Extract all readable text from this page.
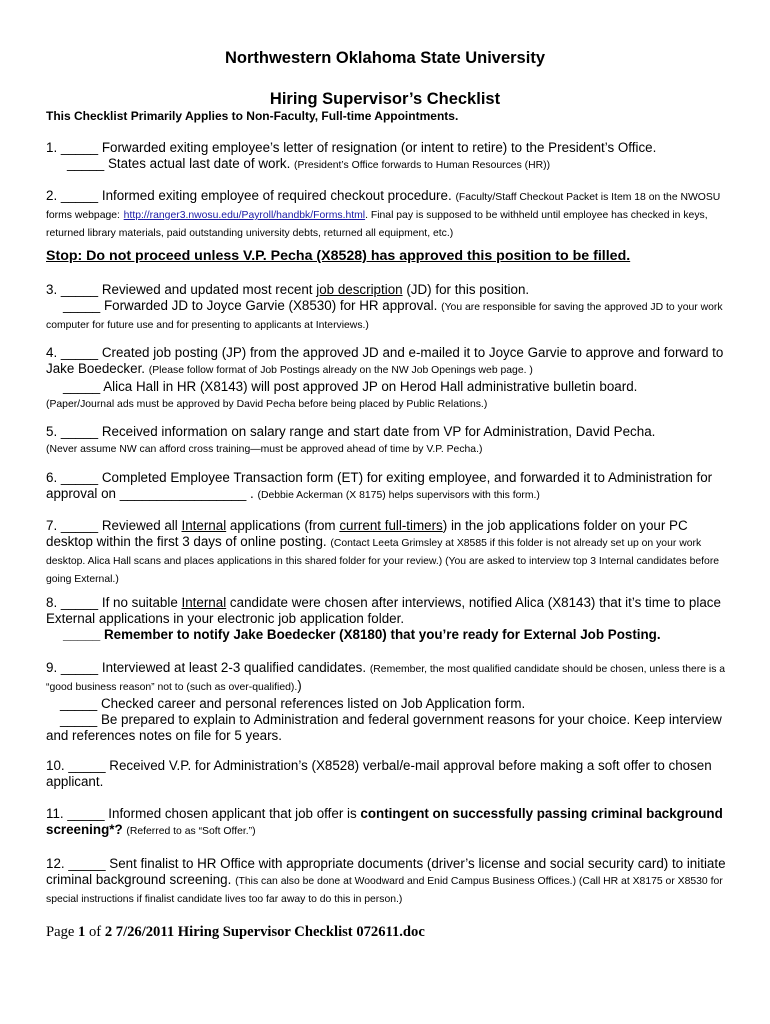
Northwestern Oklahoma State University
Hiring Supervisor’s Checklist

This Checklist Primarily Applies to Non-Faculty, Full-time Appointments.

1. _____ Forwarded exiting employee’s letter of resignation (or intent to retire) to the President’s Office.
_____ States actual last date of work. (President’s Office forwards to Human Resources (HR))

2. _____ Informed exiting employee of required checkout procedure. (Faculty/Staff Checkout Packet is Item 18 on the NWOSU forms webpage: http://ranger3.nwosu.edu/Payroll/handbk/Forms.html. Final pay is supposed to be withheld until employee has checked in keys, returned library materials, paid outstanding university debts, returned all equipment, etc.)

Stop: Do not proceed unless V.P. Pecha (X8528) has approved this position to be filled.

3. _____ Reviewed and updated most recent job description (JD) for this position.
_____ Forwarded JD to Joyce Garvie (X8530) for HR approval. (You are responsible for saving the approved JD to your work computer for future use and for presenting to applicants at Interviews.)

4. _____ Created job posting (JP) from the approved JD and e-mailed it to Joyce Garvie to approve and forward to Jake Boedecker. (Please follow format of Job Postings already on the NW Job Openings web page. )
_____ Alica Hall in HR (X8143) will post approved JP on Herod Hall administrative bulletin board.
(Paper/Journal ads must be approved by David Pecha before being placed by Public Relations.)

5. _____ Received information on salary range and start date from VP for Administration, David Pecha.
(Never assume NW can afford cross training—must be approved ahead of time by V.P. Pecha.)

6. _____ Completed Employee Transaction form (ET) for exiting employee, and forwarded it to Administration for approval on _________________ . (Debbie Ackerman (X 8175) helps supervisors with this form.)

7. _____ Reviewed all Internal applications (from current full-timers) in the job applications folder on your PC desktop within the first 3 days of online posting. (Contact Leeta Grimsley at X8585 if this folder is not already set up on your work desktop. Alica Hall scans and places applications in this shared folder for your review.) (You are asked to interview top 3 Internal candidates before going External.)

8. _____ If no suitable Internal candidate were chosen after interviews, notified Alica (X8143) that it’s time to place External applications in your electronic job application folder.
_____ Remember to notify Jake Boedecker (X8180) that you’re ready for External Job Posting.

9. _____ Interviewed at least 2-3 qualified candidates. (Remember, the most qualified candidate should be chosen, unless there is a “good business reason” not to (such as over-qualified).)
_____ Checked career and personal references listed on Job Application form.
_____ Be prepared to explain to Administration and federal government reasons for your choice. Keep interview and references notes on file for 5 years.

10. _____ Received V.P. for Administration’s (X8528) verbal/e-mail approval before making a soft offer to chosen applicant.

11. _____ Informed chosen applicant that job offer is contingent on successfully passing criminal background screening*? (Referred to as “Soft Offer.”)

12. _____ Sent finalist to HR Office with appropriate documents (driver’s license and social security card) to initiate criminal background screening. (This can also be done at Woodward and Enid Campus Business Offices.) (Call HR at X8175 or X8530 for special instructions if finalist candidate lives too far away to do this in person.)

Page 1 of 2 7/26/2011 Hiring Supervisor Checklist 072611.doc
